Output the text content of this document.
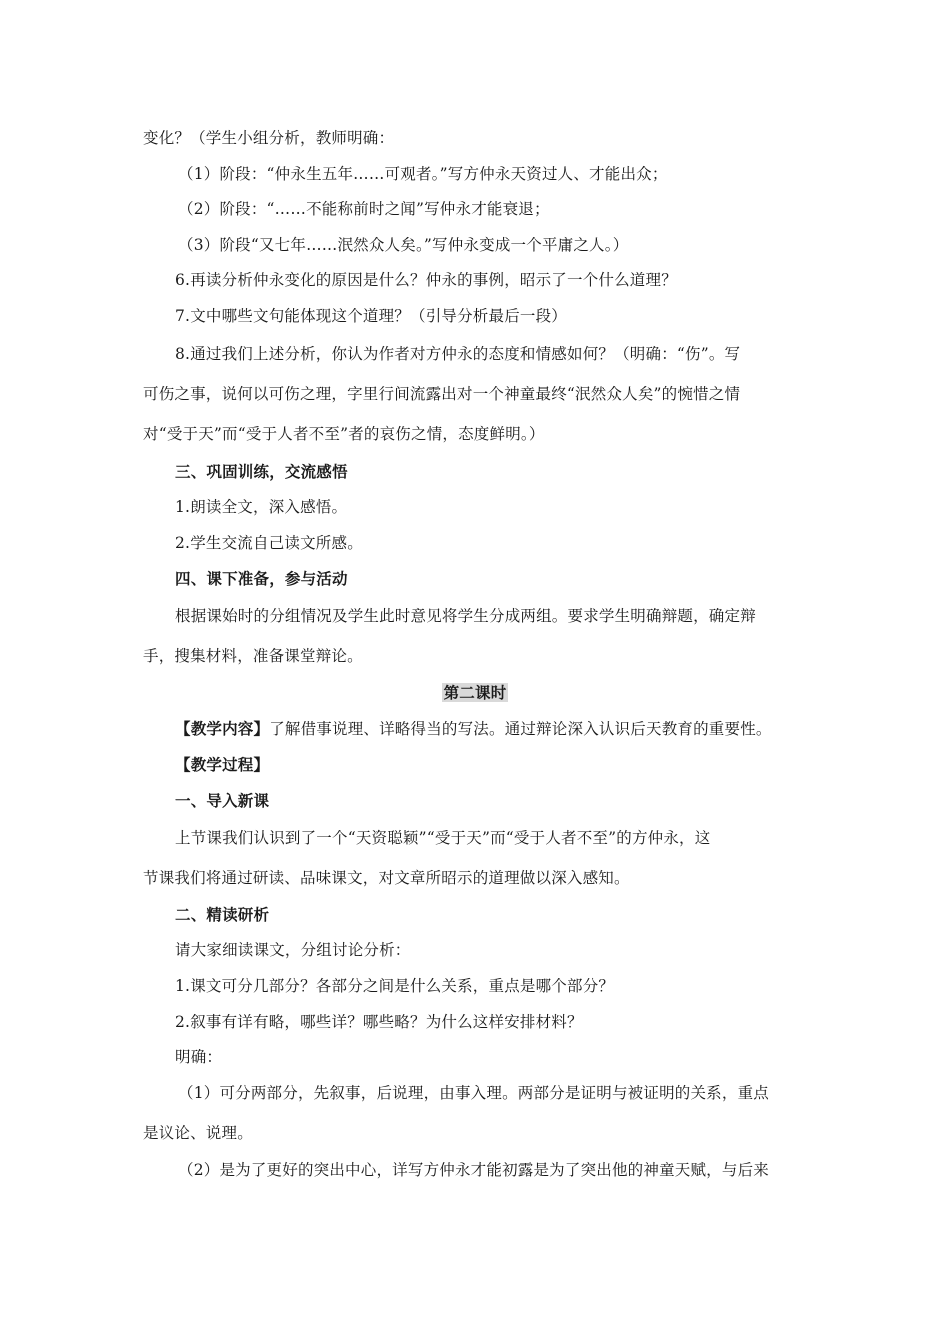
变化？（学生小组分析，教师明确：
（1）阶段：“仲永生五年……可观者。”写方仲永天资过人、才能出众；
（2）阶段：“……不能称前时之闻”写仲永才能衰退；
（3）阶段“又七年……泯然众人矣。”写仲永变成一个平庸之人。）
6.再读分析仲永变化的原因是什么？仲永的事例，昭示了一个什么道理？
7.文中哪些文句能体现这个道理？（引导分析最后一段）
8.通过我们上述分析，你认为作者对方仲永的态度和情感如何？（明确：“伤”。写
可伤之事，说何以可伤之理，字里行间流露出对一个神童最终“泯然众人矣”的惋惜之情
对“受于天”而“受于人者不至”者的哀伤之情，态度鲜明。）
三、巩固训练，交流感悟
1.朗读全文，深入感悟。
2.学生交流自己读文所感。
四、课下准备，参与活动
根据课始时的分组情况及学生此时意见将学生分成两组。要求学生明确辩题，确定辩
手，搜集材料，准备课堂辩论。
第二课时
【教学内容】了解借事说理、详略得当的写法。通过辩论深入认识后天教育的重要性。
【教学过程】
一、导入新课
上节课我们认识到了一个“天资聪颖”“受于天”而“受于人者不至”的方仲永，这
节课我们将通过研读、品味课文，对文章所昭示的道理做以深入感知。
二、精读研析
请大家细读课文，分组讨论分析：
1.课文可分几部分？各部分之间是什么关系，重点是哪个部分？
2.叙事有详有略，哪些详？哪些略？为什么这样安排材料？
明确：
（1）可分两部分，先叙事，后说理，由事入理。两部分是证明与被证明的关系，重点
是议论、说理。
（2）是为了更好的突出中心，详写方仲永才能初露是为了突出他的神童天赋，与后来
